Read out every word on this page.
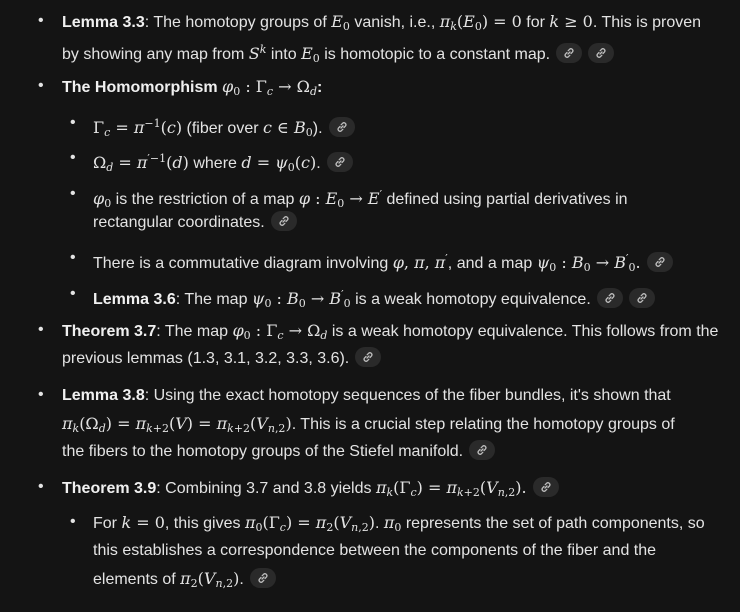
• Lemma 3.3: The homotopy groups of $E_0$ vanish, i.e., $\pi_k(E_0) = 0$ for k ≥ 0. This is proven
by showing any map from $S^k$ into $E_0$ is homotopic to a constant map.
• The Homomorphism $\varphi_0$ : $\Gamma_c \to \Omega_d$:
• $\Gamma_c = \pi^{-1}(c)$ (fiber over c ∈ $B_0$).
• $\Omega_d = \pi^{'-1}(d)$ where $d = \psi_0(c)$.
• $\varphi_0$ is the restriction of a map φ : $E_0 \to E'$ defined using partial derivatives in
rectangular coordinates.
• There is a commutative diagram involving φ, π, π′, and a map $\psi_0$ : $B_0 \to B'_0$.
• Lemma 3.6: The map $\psi_0$ : $B_0 \to B'_0$ is a weak homotopy equivalence.
• Theorem 3.7: The map $\varphi_0$ : $\Gamma_c \to \Omega_d$ is a weak homotopy equivalence. This follows from the
previous lemmas (1.3, 3.1, 3.2, 3.3, 3.6).
• Lemma 3.8: Using the exact homotopy sequences of the fiber bundles, it's shown that
$\pi_k(\Omega_d) = \pi_{k+2}(V) = \pi_{k+2}(V_{n,2})$. This is a crucial step relating the homotopy groups of
the fibers to the homotopy groups of the Stiefel manifold.
• Theorem 3.9: Combining 3.7 and 3.8 yields $\pi_k(\Gamma_c) = \pi_{k+2}(V_{n,2})$.
• For k = 0, this gives $\pi_0(\Gamma_c) = \pi_2(V_{n,2})$. $\pi_0$ represents the set of path components, so
this establishes a correspondence between the components of the fiber and the
elements of $\pi_2(V_{n,2})$.
